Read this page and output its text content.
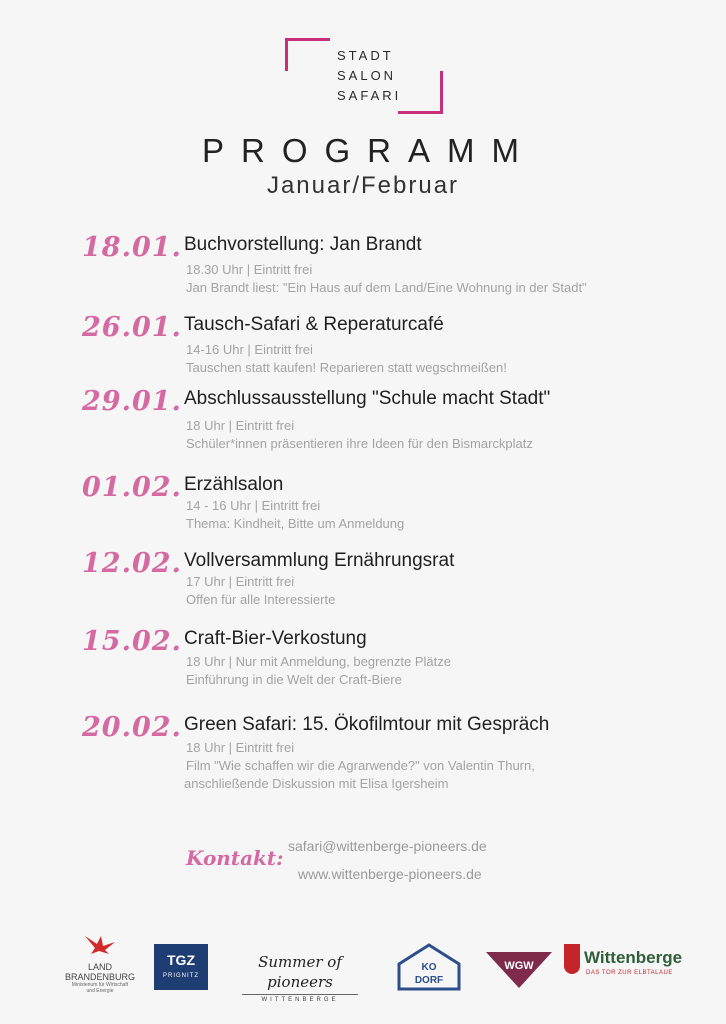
STADT
SALON
SAFARI
PROGRAMM
Januar/Februar
18.01. Buchvorstellung: Jan Brandt
18.30 Uhr | Eintritt frei
Jan Brandt liest: "Ein Haus auf dem Land/Eine Wohnung in der Stadt"
26.01. Tausch-Safari & Reperaturcafé
14-16 Uhr | Eintritt frei
Tauschen statt kaufen! Reparieren statt wegschmeißen!
29.01. Abschlussausstellung "Schule macht Stadt"
18 Uhr | Eintritt frei
Schüler*innen präsentieren ihre Ideen für den Bismarckplatz
01.02. Erzählsalon
14 - 16 Uhr | Eintritt frei
Thema: Kindheit, Bitte um Anmeldung
12.02. Vollversammlung Ernährungsrat
17 Uhr | Eintritt frei
Offen für alle Interessierte
15.02. Craft-Bier-Verkostung
18 Uhr | Nur mit Anmeldung, begrenzte Plätze
Einführung in die Welt der Craft-Biere
20.02. Green Safari: 15. Ökofilmtour mit Gespräch
18 Uhr | Eintritt frei
Film "Wie schaffen wir die Agrarwende?" von Valentin Thurn,
anschließende Diskussion mit Elisa Igersheim
Kontakt: safari@wittenberge-pioneers.de
www.wittenberge-pioneers.de
LAND
BRANDENBURG
Ministerium für Wirtschaft
und Energie
TGZ
PRIGNITZ
Summer of pioneers
WITTENBERGE
KO
DORF
WGW	Wittenberge
DAS TOR ZUR ELBTALAUE
